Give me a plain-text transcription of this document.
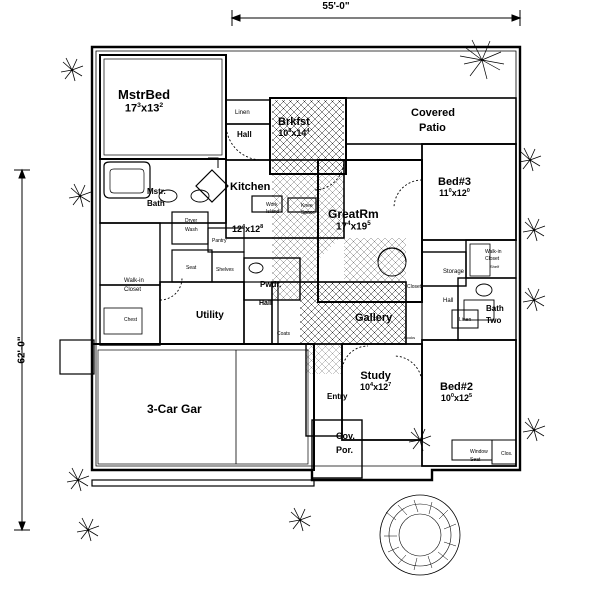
55'-0"
62'-0"
MstrBed
$17^3x13^2$
Brkfst
$10^8x14^4$
Kitchen
$12^4x12^8$
GreatRm
$17^4x19^5$
Bed#3
$11^0x12^0$
Bed#2
$10^0x12^5$
Study
$10^4x12^7$
3-Car Gar
Covered
Patio
Linen
Hall
Mstr.
Bath	Work
Island
Knee
Space
Dryer
Wash
Pantry
Seat	Shelves
Pwdr.
Walk-in
Closet
Chest	Utility
Hall
Gallery
Coats
Storage
Walk-in
Closet
Closet
Hall
Linen
Bath
Two
Shelf
Entry
Cov.
Por.
Books
Window
Seat
Clos.
